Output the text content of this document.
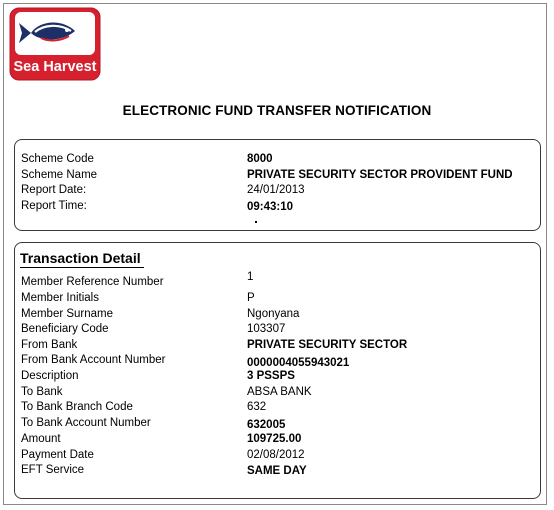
Sea Harvest
ELECTRONIC FUND TRANSFER NOTIFICATION
Scheme Code	8000
Scheme Name	PRIVATE SECURITY SECTOR PROVIDENT FUND
Report Date:	24/01/2013
Report Time:	09:43:10
Transaction Detail
Member Reference Number	1
Member Initials	P
Member Surname	Ngonyana
Beneficiary Code	103307
From Bank	PRIVATE SECURITY SECTOR
From Bank Account Number	0000004055943021
Description	3 PSSPS
To Bank	ABSA BANK
To Bank Branch Code	632
To Bank Account Number	632005
Amount	109725.00
Payment Date	02/08/2012
EFT Service	SAME DAY
